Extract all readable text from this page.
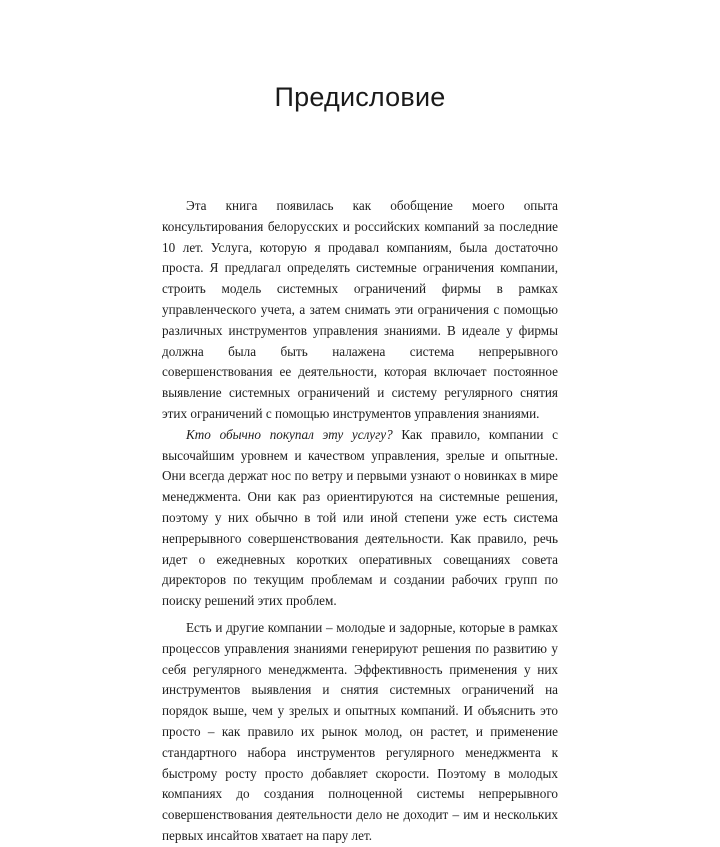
Предисловие

Эта книга появилась как обобщение моего опыта консультирования белорусских и российских компаний за последние 10 лет. Услуга, которую я продавал компаниям, была достаточно проста. Я предлагал определять системные ограничения компании, строить модель системных ограничений фирмы в рамках управленческого учета, а затем снимать эти ограничения с помощью различных инструментов управления знаниями. В идеале у фирмы должна была быть налажена система непрерывного совершенствования ее деятельности, которая включает постоянное выявление системных ограничений и систему регулярного снятия этих ограничений с помощью инструментов управления знаниями.

Кто обычно покупал эту услугу? Как правило, компании с высочайшим уровнем и качеством управления, зрелые и опытные. Они всегда держат нос по ветру и первыми узнают о новинках в мире менеджмента. Они как раз ориентируются на системные решения, поэтому у них обычно в той или иной степени уже есть система непрерывного совершенствования деятельности. Как правило, речь идет о ежедневных коротких оперативных совещаниях совета директоров по текущим проблемам и создании рабочих групп по поиску решений этих проблем.

Есть и другие компании – молодые и задорные, которые в рамках процессов управления знаниями генерируют решения по развитию у себя регулярного менеджмента. Эффективность применения у них инструментов выявления и снятия системных ограничений на порядок выше, чем у зрелых и опытных компаний. И объяснить это просто – как правило их рынок молод, он растет, и применение стандартного набора инструментов регулярного менеджмента к быстрому росту просто добавляет скорости. Поэтому в молодых компаниях до создания полноценной системы непрерывного совершенствования деятельности дело не доходит – им и нескольких первых инсайтов хватает на пару лет.
